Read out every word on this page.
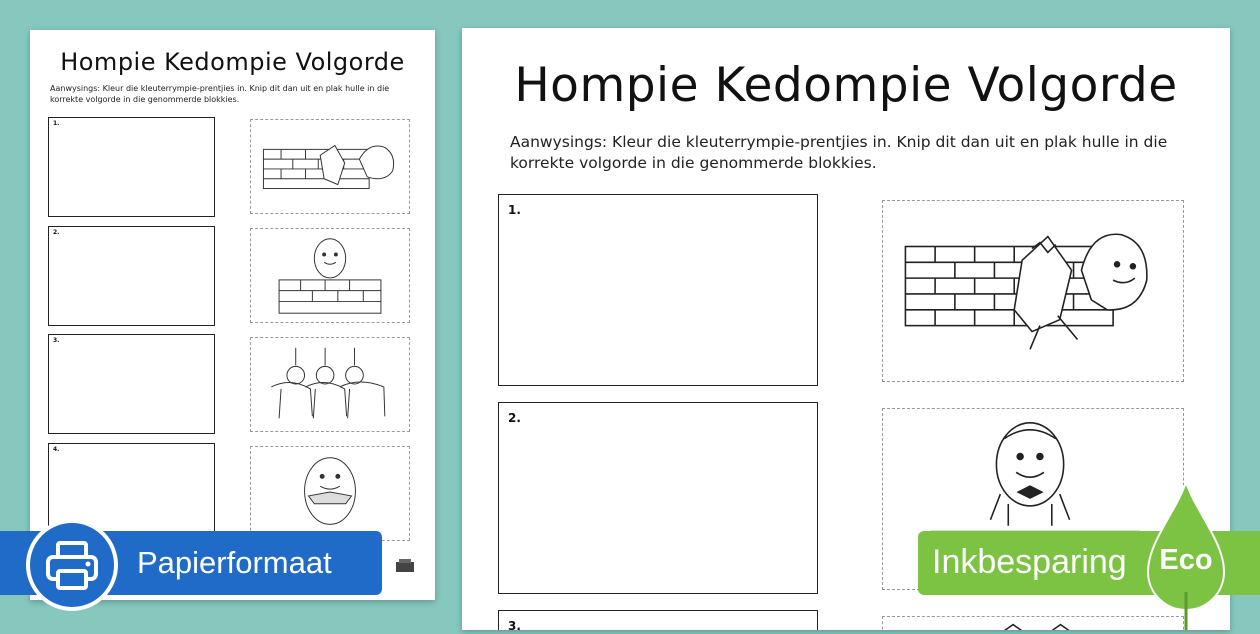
Hompie Kedompie Volgorde
Aanwysings: Kleur die kleuterrympie-prentjies in. Knip dit dan uit en plak hulle in die korrekte volgorde in die genommerde blokkies.
1.
2.
3.
4.
Hompie Kedompie Volgorde
Aanwysings: Kleur die kleuterrympie-prentjies in. Knip dit dan uit en plak hulle in die korrekte volgorde in die genommerde blokkies.
1.
2.
3.
Papierformaat	Inkbesparing Eco
